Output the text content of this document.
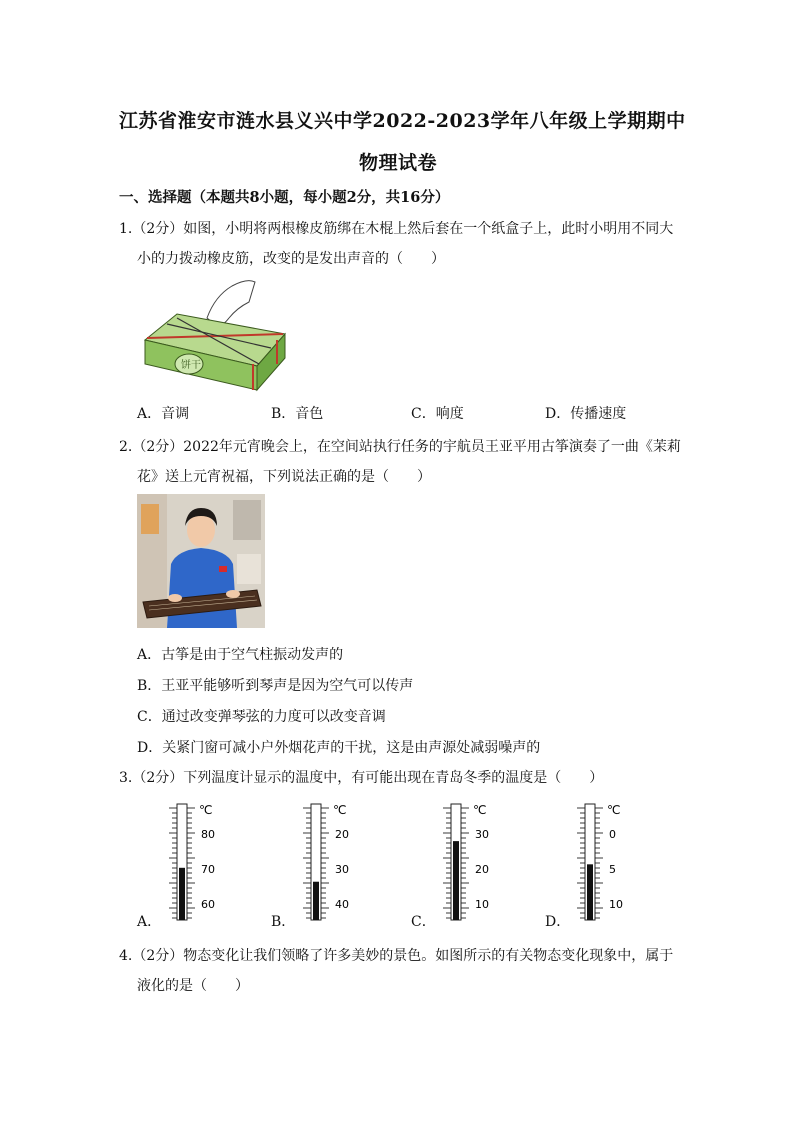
江苏省淮安市涟水县义兴中学2022-2023学年八年级上学期期中
物理试卷
一、选择题（本题共8小题，每小题2分，共16分）
1.（2分）如图，小明将两根橡皮筋绑在木棍上然后套在一个纸盒子上，此时小明用不同大
小的力拨动橡皮筋，改变的是发出声音的（　　）
饼干
A．音调	B．音色	C．响度	D．传播速度
2.（2分）2022年元宵晚会上，在空间站执行任务的宇航员王亚平用古筝演奏了一曲《茉莉
花》送上元宵祝福，下列说法正确的是（　　）
A．古筝是由于空气柱振动发声的
B．王亚平能够听到琴声是因为空气可以传声
C．通过改变弹琴弦的力度可以改变音调
D．关紧门窗可减小户外烟花声的干扰，这是由声源处减弱噪声的
3.（2分）下列温度计显示的温度中，有可能出现在青岛冬季的温度是（　　）
A．
℃
80
70
60
B．
℃
20
30
40
C．
℃
30
20
10
D．
℃
0
5
10
4.（2分）物态变化让我们领略了许多美妙的景色。如图所示的有关物态变化现象中，属于
液化的是（　　）
